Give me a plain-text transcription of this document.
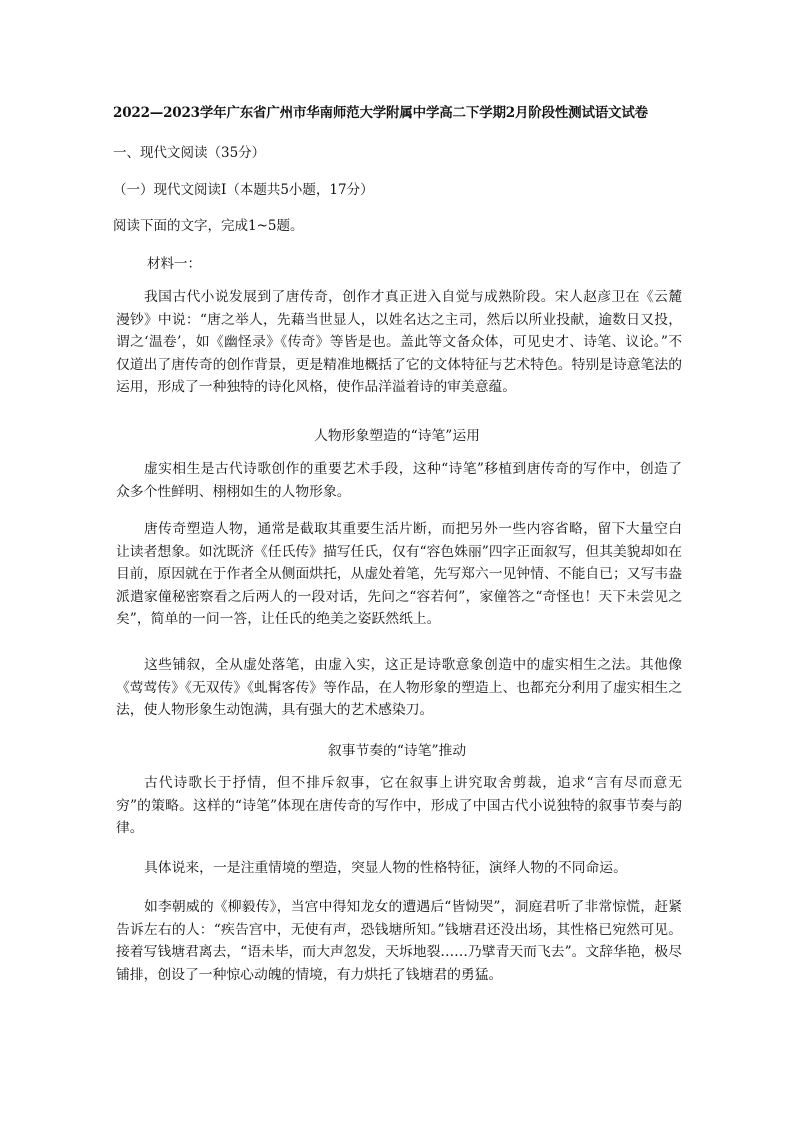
2022—2023学年广东省广州市华南师范大学附属中学高二下学期2月阶段性测试语文试卷
一、现代文阅读（35分）
（一）现代文阅读Ⅰ（本题共5小题，17分）
阅读下面的文字，完成1~5题。
材料一：

我国古代小说发展到了唐传奇，创作才真正进入自觉与成熟阶段。宋人赵彦卫在《云麓漫钞》中说：“唐之举人，先藉当世显人，以姓名达之主司，然后以所业投献，逾数日又投，谓之‘温卷’，如《幽怪录》《传奇》等皆是也。盖此等文备众体，可见史才、诗笔、议论。”不仅道出了唐传奇的创作背景，更是精准地概括了它的文体特征与艺术特色。特别是诗意笔法的运用，形成了一种独特的诗化风格，使作品洋溢着诗的审美意蕴。

人物形象塑造的“诗笔”运用

虚实相生是古代诗歌创作的重要艺术手段，这种“诗笔”移植到唐传奇的写作中，创造了众多个性鲜明、栩栩如生的人物形象。

唐传奇塑造人物，通常是截取其重要生活片断，而把另外一些内容省略，留下大量空白让读者想象。如沈既济《任氏传》描写任氏，仅有“容色姝丽”四字正面叙写，但其美貌却如在目前，原因就在于作者全从侧面烘托，从虚处着笔，先写郑六一见钟情、不能自已；又写韦盎派遣家僮秘密察看之后两人的一段对话，先问之“容若何”，家僮答之“奇怪也！天下未尝见之矣”，简单的一问一答，让任氏的绝美之姿跃然纸上。

这些铺叙，全从虚处落笔，由虚入实，这正是诗歌意象创造中的虚实相生之法。其他像《莺莺传》《无双传》《虬髯客传》等作品，在人物形象的塑造上、也都充分利用了虚实相生之法，使人物形象生动饱满，具有强大的艺术感染刀。

叙事节奏的“诗笔”推动

古代诗歌长于抒情，但不排斥叙事，它在叙事上讲究取舍剪裁，追求“言有尽而意无穷”的策略。这样的“诗笔”体现在唐传奇的写作中，形成了中国古代小说独特的叙事节奏与韵律。

具体说来，一是注重情境的塑造，突显人物的性格特征，演绎人物的不同命运。

如李朝威的《柳毅传》，当宫中得知龙女的遭遇后“皆恸哭”，洞庭君听了非常惊慌，赶紧告诉左右的人：“疾告宫中，无使有声，恐钱塘所知。”钱塘君还没出场，其性格已宛然可见。接着写钱塘君离去，“语未毕，而大声忽发，天坼地裂……乃擘青天而飞去”。文辞华艳，极尽铺排，创设了一种惊心动魄的情境，有力烘托了钱塘君的勇猛。
